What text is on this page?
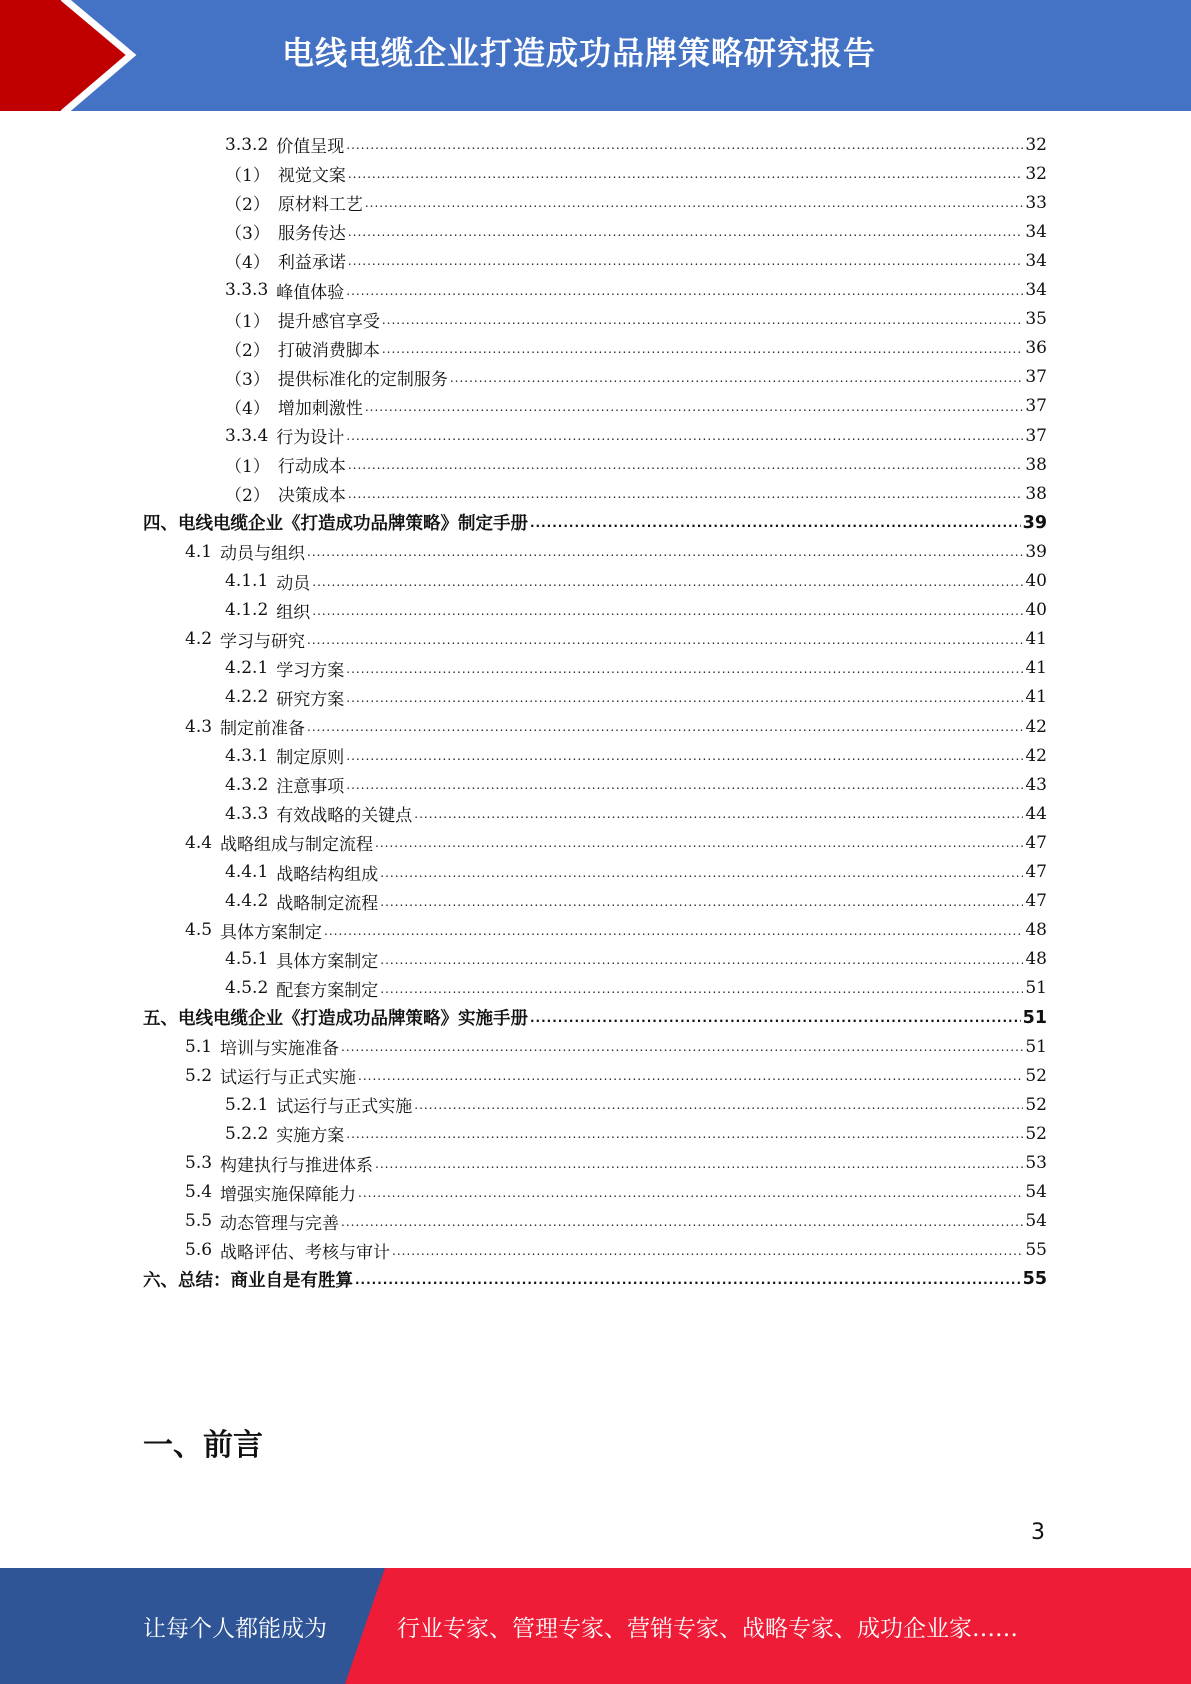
电线电缆企业打造成功品牌策略研究报告
3.3.2 价值呈现 .....	32
（1） 视觉文案 .....	32
（2） 原材料工艺 .....	33
（3） 服务传达 .....	34
（4） 利益承诺 .....	34
3.3.3 峰值体验 .....	34
（1） 提升感官享受 .....	35
（2） 打破消费脚本 .....	36
（3） 提供标准化的定制服务 .....	37
（4） 增加刺激性 .....	37
3.3.4 行为设计 .....	37
（1） 行动成本 .....	38
（2） 决策成本 .....	38
四、电线电缆企业《打造成功品牌策略》制定手册 .....	39
4.1 动员与组织 .....	39
4.1.1 动员 .....	40
4.1.2 组织 .....	40
4.2 学习与研究 .....	41
4.2.1 学习方案 .....	41
4.2.2 研究方案 .....	41
4.3 制定前准备 .....	42
4.3.1 制定原则 .....	42
4.3.2 注意事项 .....	43
4.3.3 有效战略的关键点 .....	44
4.4 战略组成与制定流程 .....	47
4.4.1 战略结构组成 .....	47
4.4.2 战略制定流程 .....	47
4.5 具体方案制定 .....	48
4.5.1 具体方案制定 .....	48
4.5.2 配套方案制定 .....	51
五、电线电缆企业《打造成功品牌策略》实施手册 .....	51
5.1 培训与实施准备 .....	51
5.2 试运行与正式实施 .....	52
5.2.1 试运行与正式实施 .....	52
5.2.2 实施方案 .....	52
5.3 构建执行与推进体系 .....	53
5.4 增强实施保障能力 .....	54
5.5 动态管理与完善 .....	54
5.6 战略评估、考核与审计 .....	55
六、总结：商业自是有胜算 .....	55
一、前言
3
让每个人都能成为	行业专家、管理专家、营销专家、战略专家、成功企业家……
